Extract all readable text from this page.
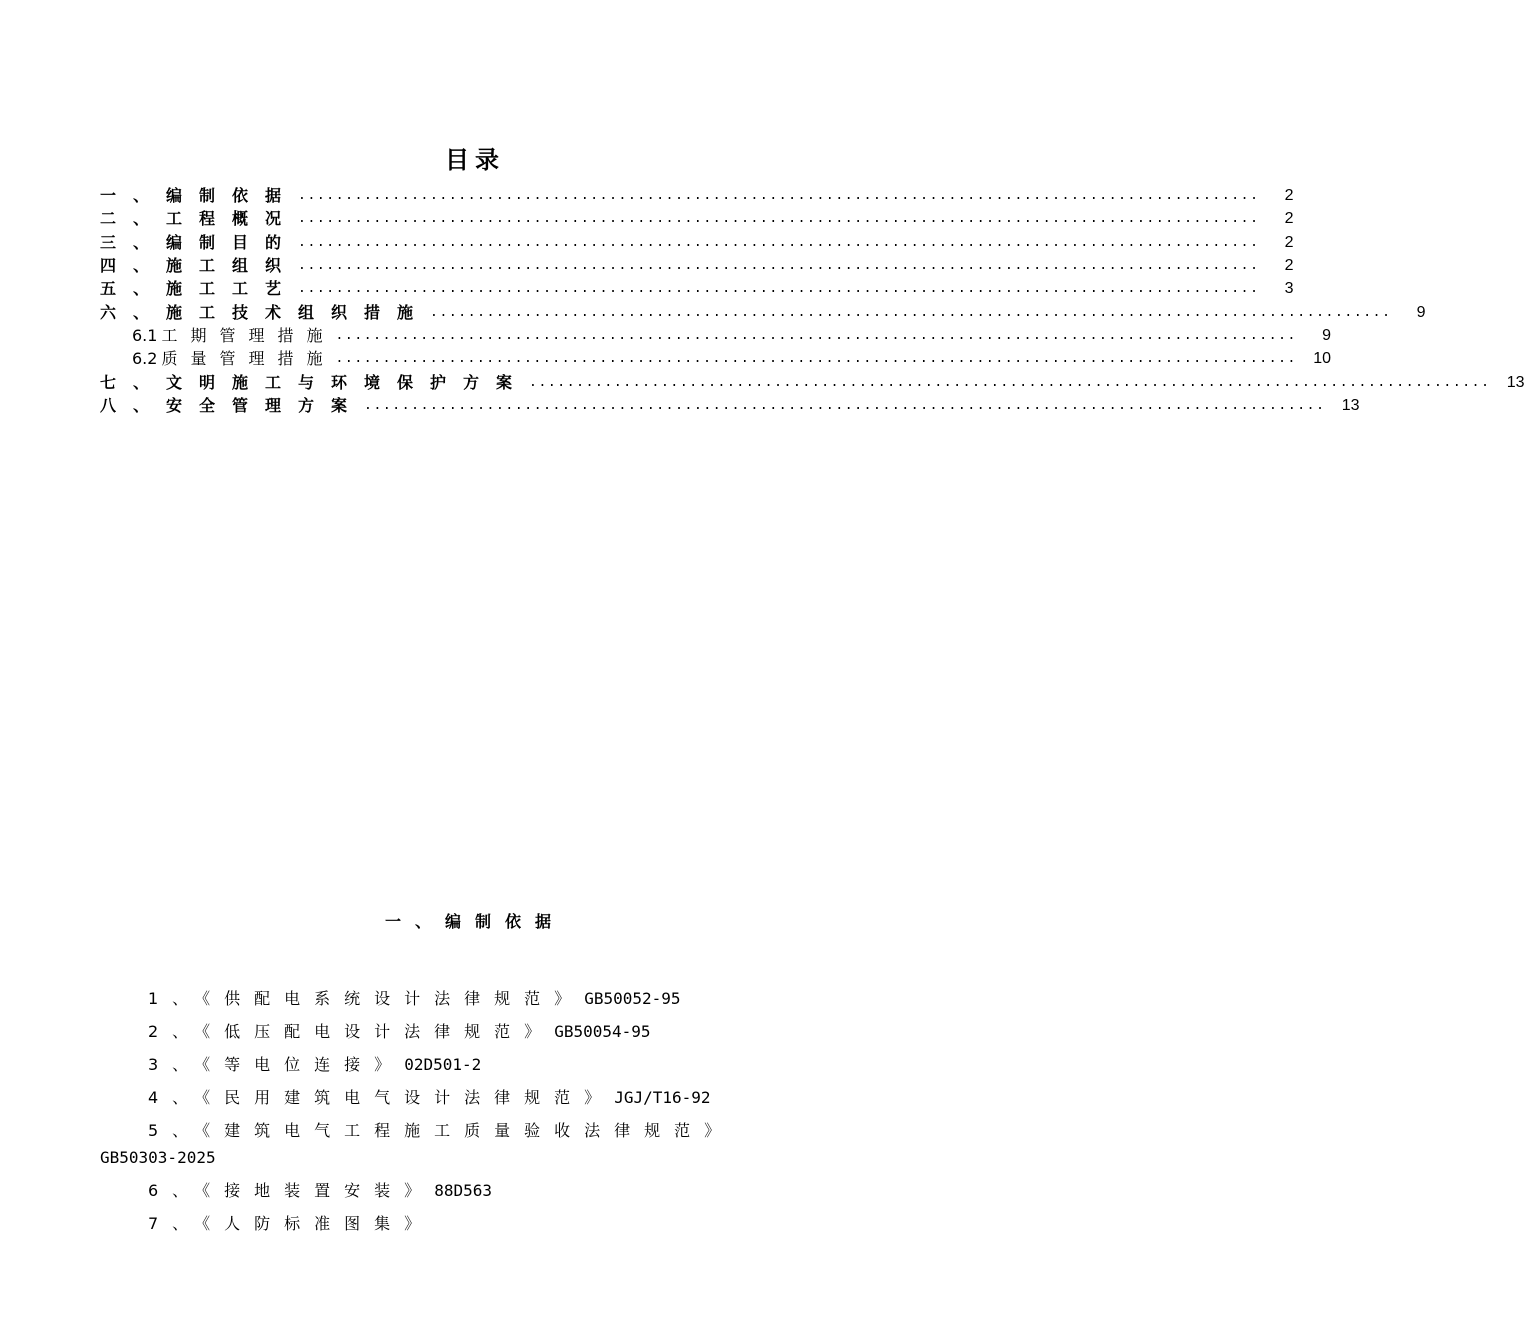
目录
一、编制依据 ......................................................................................................	2
二、工程概况 ......................................................................................................	2
三、编制目的 ......................................................................................................	2
四、施工组织 ......................................................................................................	2
五、施工工艺 ......................................................................................................	3
六、施工技术组织措施 ......................................................................................................	9
6.1 工期管理措施 ......................................................................................................	9
6.2 质量管理措施 ......................................................................................................	10
七、文明施工与环境保护方案 ......................................................................................................	13
八、安全管理方案 ......................................................................................................	13
一、编制依据
1、《供配电系统设计法律规范》GB50052-95
2、《低压配电设计法律规范》GB50054-95
3、《等电位连接》02D501-2
4、《民用建筑电气设计法律规范》JGJ/T16-92
5、《建筑电气工程施工质量验收法律规范》GB50303-2025
6、《接地装置安装》88D563
7、《人防标准图集》
